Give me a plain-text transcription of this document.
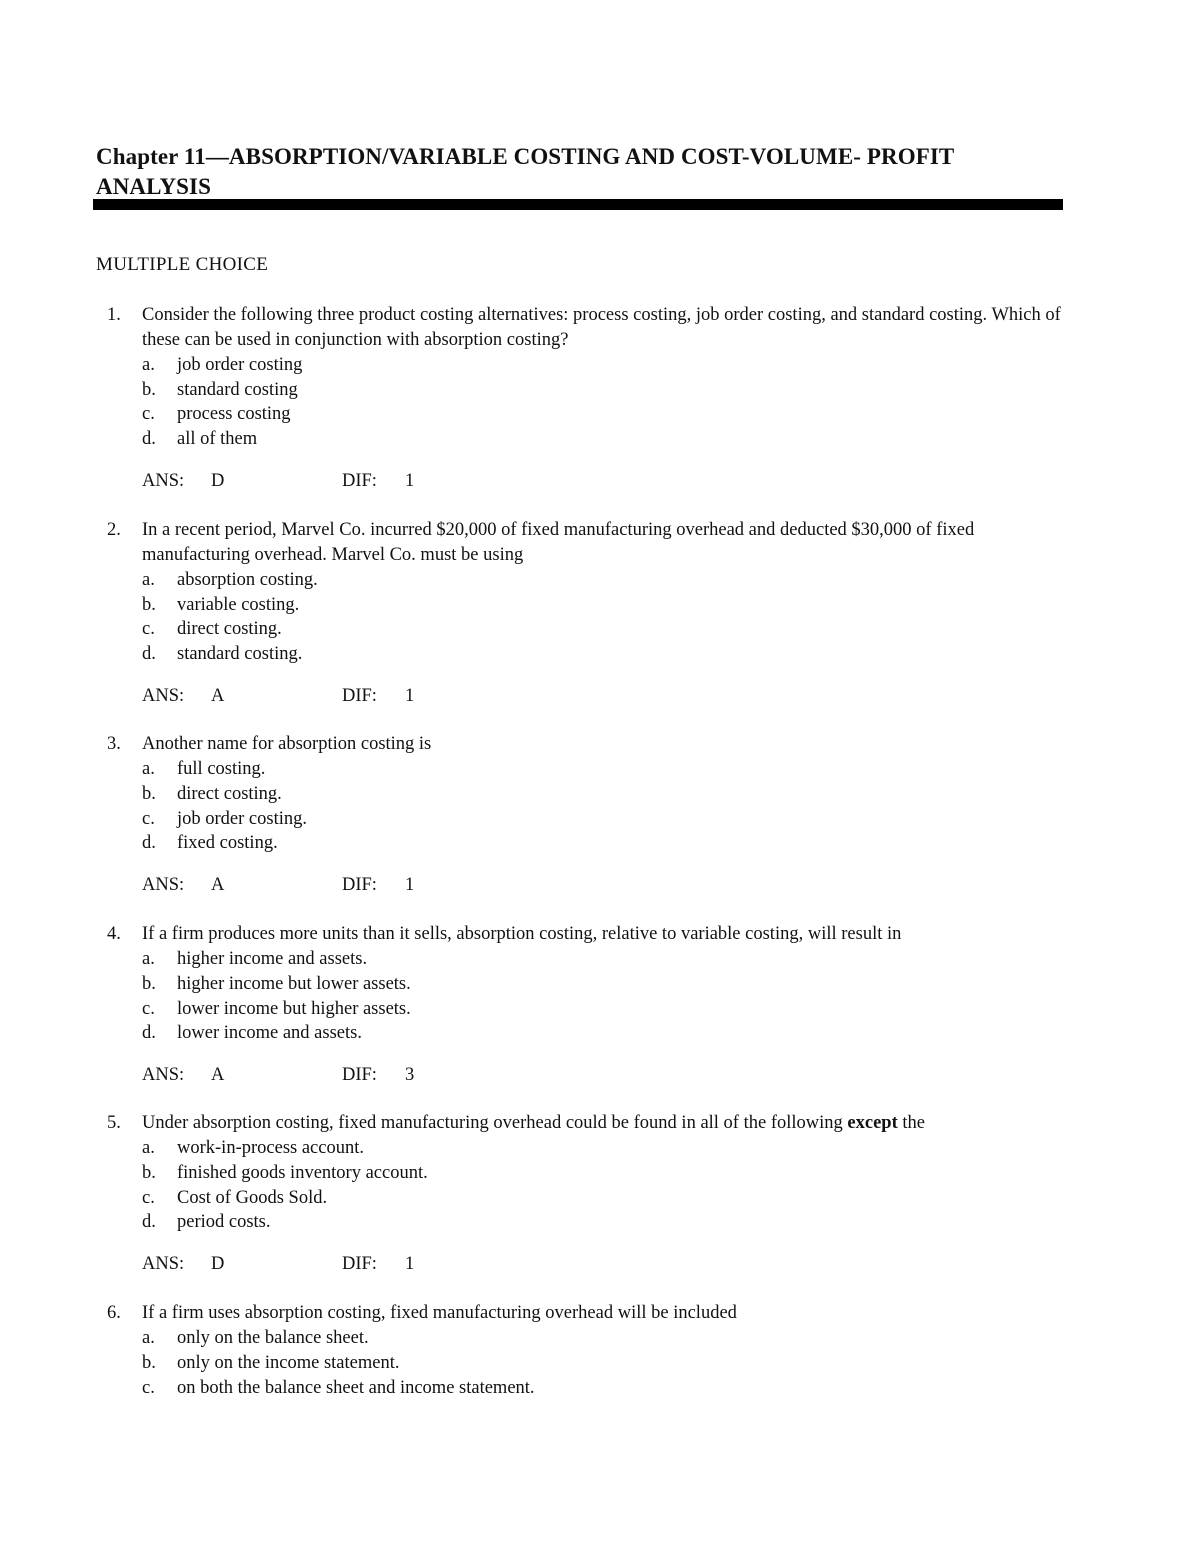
Chapter 11—ABSORPTION/VARIABLE COSTING AND COST-VOLUME- PROFIT ANALYSIS
MULTIPLE CHOICE
1. Consider the following three product costing alternatives: process costing, job order costing, and standard costing. Which of these can be used in conjunction with absorption costing?
a. job order costing
b. standard costing
c. process costing
d. all of them
ANS: D	DIF: 1
2. In a recent period, Marvel Co. incurred $20,000 of fixed manufacturing overhead and deducted $30,000 of fixed manufacturing overhead. Marvel Co. must be using
a. absorption costing.
b. variable costing.
c. direct costing.
d. standard costing.
ANS: A	DIF: 1
3. Another name for absorption costing is
a. full costing.
b. direct costing.
c. job order costing.
d. fixed costing.
ANS: A	DIF: 1
4. If a firm produces more units than it sells, absorption costing, relative to variable costing, will result in
a. higher income and assets.
b. higher income but lower assets.
c. lower income but higher assets.
d. lower income and assets.
ANS: A	DIF: 3
5. Under absorption costing, fixed manufacturing overhead could be found in all of the following except the
a. work-in-process account.
b. finished goods inventory account.
c. Cost of Goods Sold.
d. period costs.
ANS: D	DIF: 1
6. If a firm uses absorption costing, fixed manufacturing overhead will be included
a. only on the balance sheet.
b. only on the income statement.
c. on both the balance sheet and income statement.
